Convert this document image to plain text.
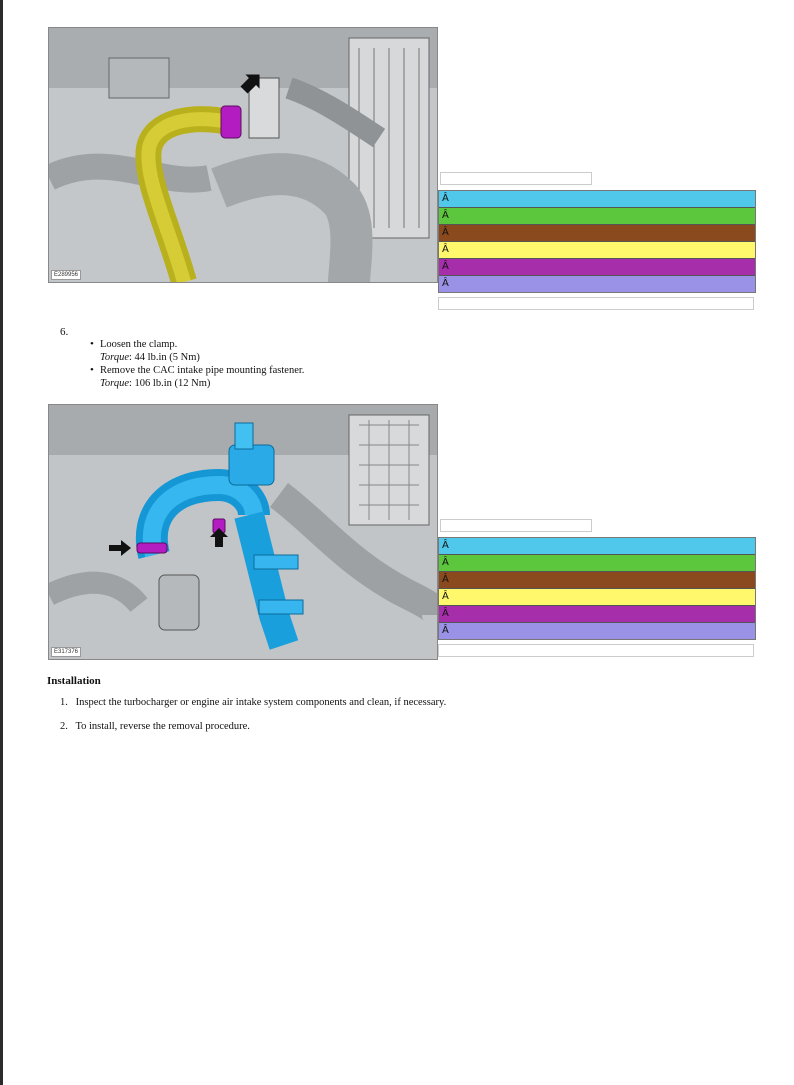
E289956
Â
Â
Â
Â
Â
Â
6.
• Loosen the clamp.
Torque: 44 lb.in (5 Nm)
• Remove the CAC intake pipe mounting fastener.
Torque: 106 lb.in (12 Nm)
E317376
Â
Â
Â
Â
Â
Â
Installation
1. Inspect the turbocharger or engine air intake system components and clean, if necessary.
2. To install, reverse the removal procedure.
